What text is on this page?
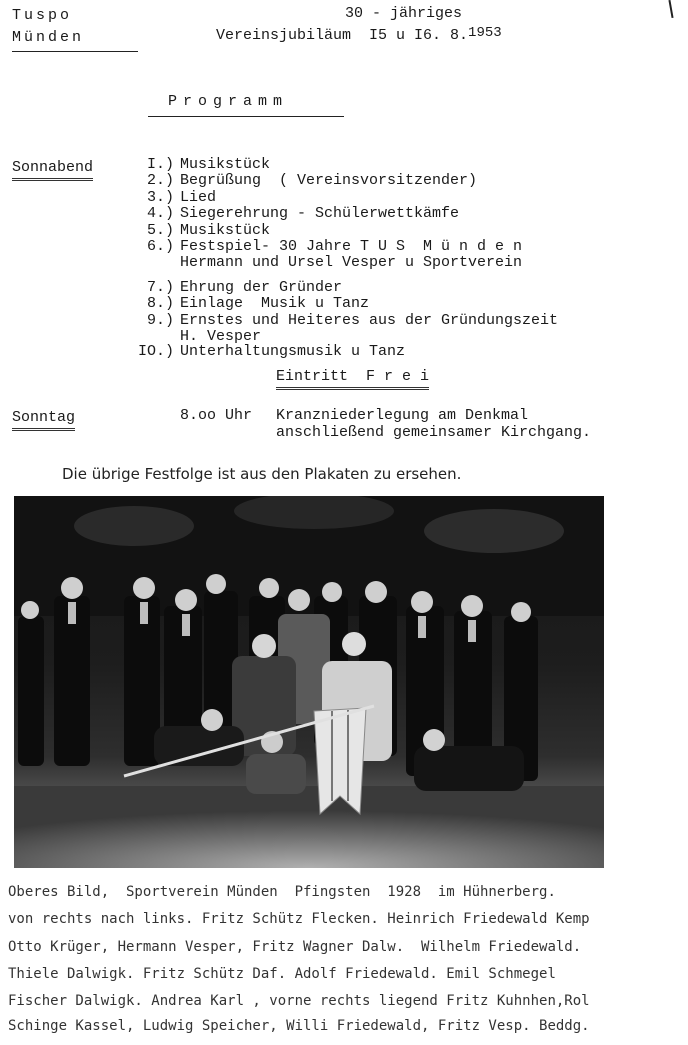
Tuspo
Münden
30 - jähriges
Vereinsjubiläum  I5 u I6. 8.1953
Programm
Sonnabend	I.) Musikstück
2.) Begrüßung  ( Vereinsvorsitzender)
3.) Lied
4.) Siegerehrung - Schülerwettkämfe
5.) Musikstück
6.) Festspiel- 30 Jahre T U S  M ü n d e n
Hermann und Ursel Vesper u Sportverein
7.) Ehrung der Gründer
8.) Einlage  Musik u Tanz
9.) Ernstes und Heiteres aus der Gründungszeit
H. Vesper
IO.) Unterhaltungsmusik u Tanz
Eintritt  F r e i
Sonntag	8.oo Uhr Kranzniederlegung am Denkmal
anschließend gemeinsamer Kirchgang.
Die übrige Festfolge ist aus den Plakaten zu ersehen.
Oberes Bild,  Sportverein Münden  Pfingsten  1928  im Hühnerberg.
von rechts nach links. Fritz Schütz Flecken. Heinrich Friedewald Kemp
Otto Krüger, Hermann Vesper, Fritz Wagner Dalw.  Wilhelm Friedewald.
Thiele Dalwigk. Fritz Schütz Daf. Adolf Friedewald. Emil Schmegel
Fischer Dalwigk. Andrea Karl , vorne rechts liegend Fritz Kuhnhen,Rol
Schinge Kassel, Ludwig Speicher, Willi Friedewald, Fritz Vesp. Beddg.
